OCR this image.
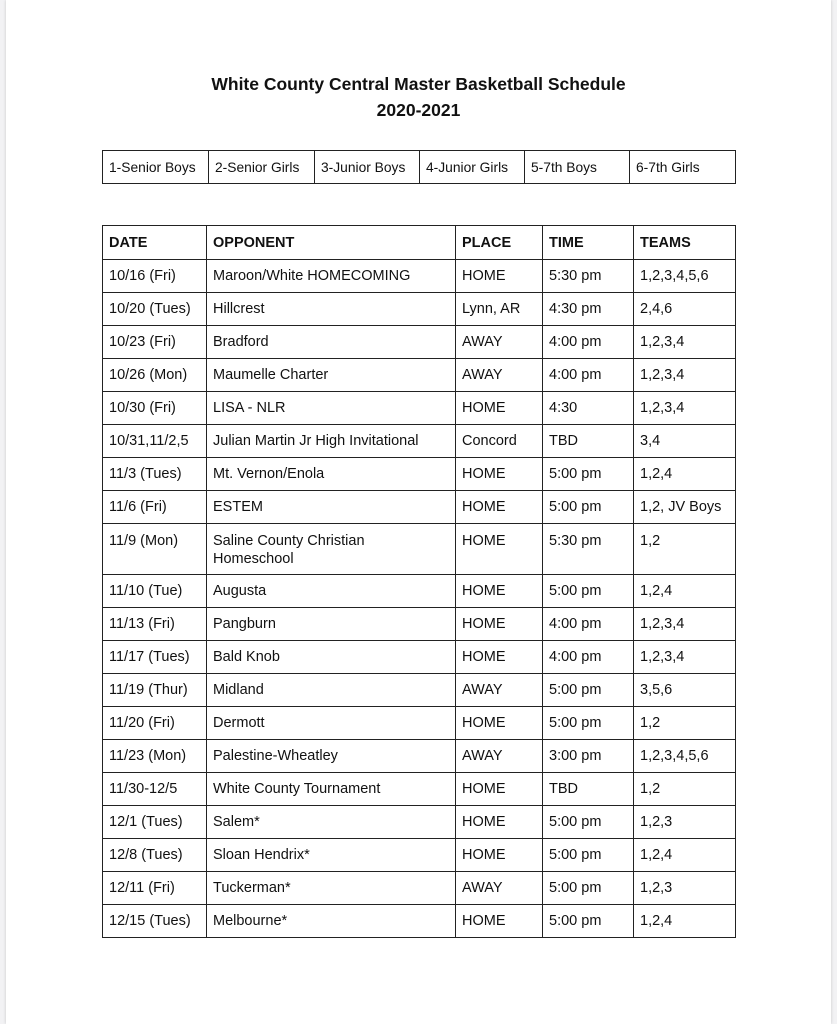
White County Central Master Basketball Schedule
2020-2021
1-Senior Boys	2-Senior Girls	3-Junior Boys	4-Junior Girls	5-7th Boys	6-7th Girls
DATE	OPPONENT	PLACE	TIME	TEAMS
10/16 (Fri)	Maroon/White HOMECOMING	HOME	5:30 pm	1,2,3,4,5,6
10/20 (Tues)	Hillcrest	Lynn, AR	4:30 pm	2,4,6
10/23 (Fri)	Bradford	AWAY	4:00 pm	1,2,3,4
10/26 (Mon)	Maumelle Charter	AWAY	4:00 pm	1,2,3,4
10/30 (Fri)	LISA - NLR	HOME	4:30	1,2,3,4
10/31,11/2,5	Julian Martin Jr High Invitational	Concord	TBD	3,4
11/3 (Tues)	Mt. Vernon/Enola	HOME	5:00 pm	1,2,4
11/6 (Fri)	ESTEM	HOME	5:00 pm	1,2, JV Boys
11/9 (Mon)	Saline County Christian Homeschool	HOME	5:30 pm	1,2
11/10 (Tue)	Augusta	HOME	5:00 pm	1,2,4
11/13 (Fri)	Pangburn	HOME	4:00 pm	1,2,3,4
11/17 (Tues)	Bald Knob	HOME	4:00 pm	1,2,3,4
11/19 (Thur)	Midland	AWAY	5:00 pm	3,5,6
11/20 (Fri)	Dermott	HOME	5:00 pm	1,2
11/23 (Mon)	Palestine-Wheatley	AWAY	3:00 pm	1,2,3,4,5,6
11/30-12/5	White County Tournament	HOME	TBD	1,2
12/1 (Tues)	Salem*	HOME	5:00 pm	1,2,3
12/8 (Tues)	Sloan Hendrix*	HOME	5:00 pm	1,2,4
12/11 (Fri)	Tuckerman*	AWAY	5:00 pm	1,2,3
12/15 (Tues)	Melbourne*	HOME	5:00 pm	1,2,4
